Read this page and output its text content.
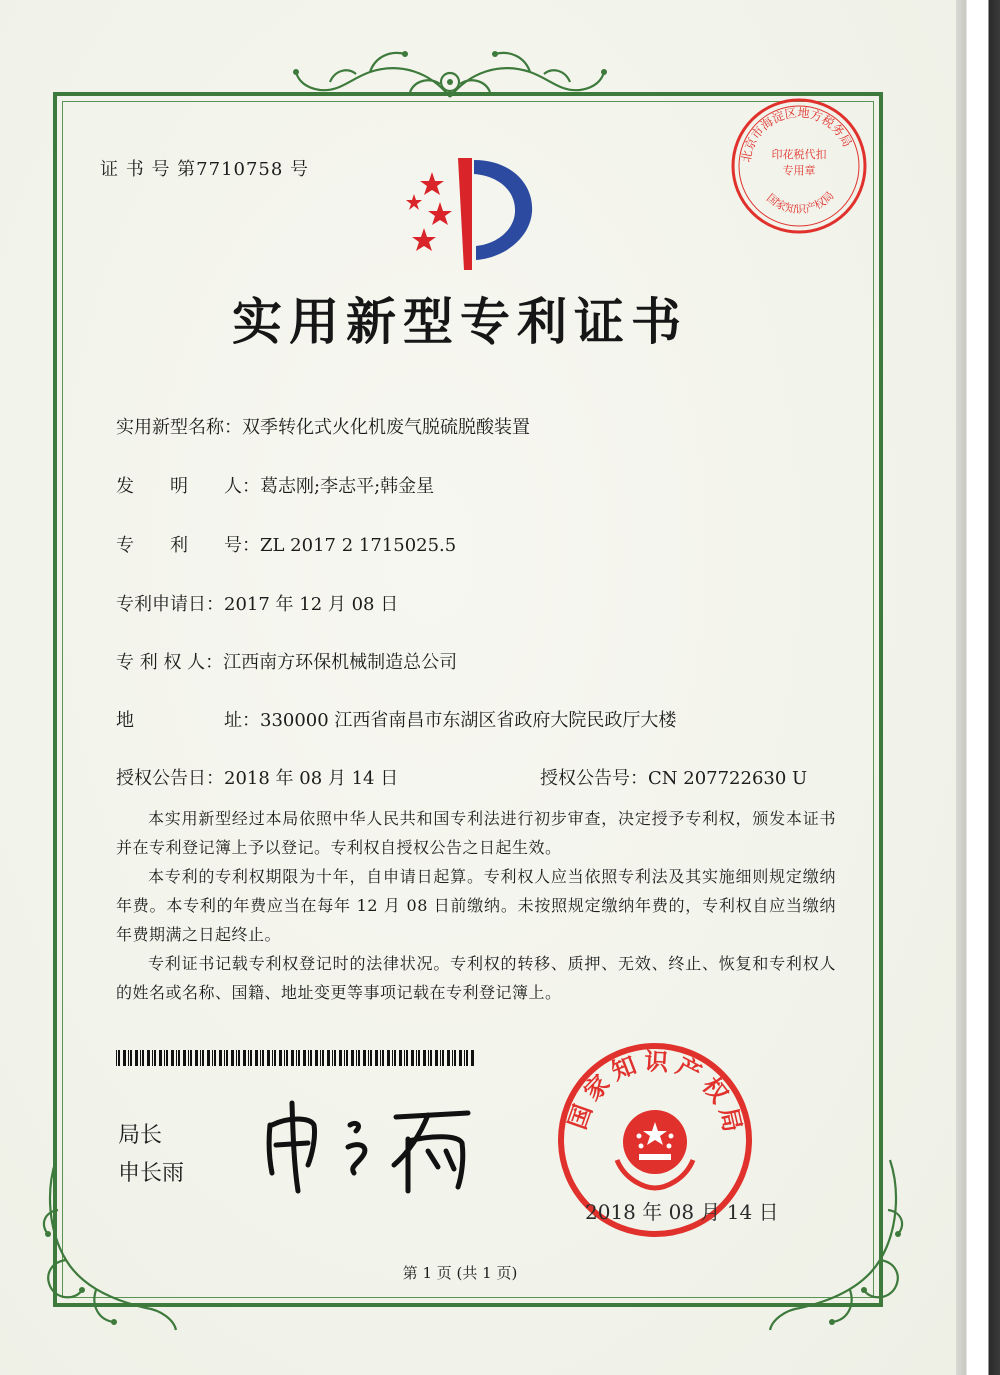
证 书 号 第7710758 号
实用新型专利证书
实用新型名称：双季转化式火化机废气脱硫脱酸装置
发　　明　　人：葛志刚;李志平;韩金星
专　　利　　号：ZL 2017 2 1715025.5
专利申请日：2017 年 12 月 08 日
专 利 权 人：江西南方环保机械制造总公司
地　　　　　址：330000 江西省南昌市东湖区省政府大院民政厅大楼
授权公告日：2018 年 08 月 14 日	授权公告号：CN 207722630 U

本实用新型经过本局依照中华人民共和国专利法进行初步审查，决定授予专利权，颁发本证书并在专利登记簿上予以登记。专利权自授权公告之日起生效。

本专利的专利权期限为十年，自申请日起算。专利权人应当依照专利法及其实施细则规定缴纳年费。本专利的年费应当在每年 12 月 08 日前缴纳。未按照规定缴纳年费的，专利权自应当缴纳年费期满之日起终止。

专利证书记载专利权登记时的法律状况。专利权的转移、质押、无效、终止、恢复和专利权人的姓名或名称、国籍、地址变更等事项记载在专利登记簿上。

局长
申长雨
国家知识产权局
2018 年 08 月 14 日
北京市海淀区地方税务局
印花税代扣专用章
国家知识产权局
第 1 页 (共 1 页)
